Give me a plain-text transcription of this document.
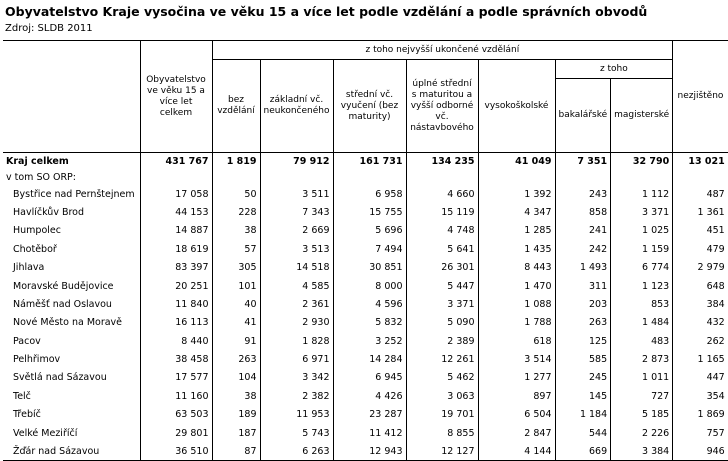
Obyvatelstvo Kraje vysočina ve věku 15 a více let podle vzdělání a podle správních obvodů
Zdroj: SLDB 2011
	Obyvatelstvo ve věku 15 a více let celkem	z toho nejvyšší ukončené vzdělání							nezjištěno
		bez vzdělání	základní vč. neukončeného	střední vč. vyučení (bez maturity)	úplné střední s maturitou a vyšší odborné vč. nástavbového	vysokoškolské	z toho		
							bakalářské	magisterské	
Kraj celkem	431 767	1 819	79 912	161 731	134 235	41 049	7 351	32 790	13 021
v tom SO ORP:									
Bystřice nad Pernštejnem	17 058	50	3 511	6 958	4 660	1 392	243	1 112	487
Havlíčkův Brod	44 153	228	7 343	15 755	15 119	4 347	858	3 371	1 361
Humpolec	14 887	38	2 669	5 696	4 748	1 285	241	1 025	451
Chotěboř	18 619	57	3 513	7 494	5 641	1 435	242	1 159	479
Jihlava	83 397	305	14 518	30 851	26 301	8 443	1 493	6 774	2 979
Moravské Budějovice	20 251	101	4 585	8 000	5 447	1 470	311	1 123	648
Náměšť nad Oslavou	11 840	40	2 361	4 596	3 371	1 088	203	853	384
Nové Město na Moravě	16 113	41	2 930	5 832	5 090	1 788	263	1 484	432
Pacov	8 440	91	1 828	3 252	2 389	618	125	483	262
Pelhřimov	38 458	263	6 971	14 284	12 261	3 514	585	2 873	1 165
Světlá nad Sázavou	17 577	104	3 342	6 945	5 462	1 277	245	1 011	447
Telč	11 160	38	2 382	4 426	3 063	897	145	727	354
Třebíč	63 503	189	11 953	23 287	19 701	6 504	1 184	5 185	1 869
Velké Meziříčí	29 801	187	5 743	11 412	8 855	2 847	544	2 226	757
Žďár nad Sázavou	36 510	87	6 263	12 943	12 127	4 144	669	3 384	946
